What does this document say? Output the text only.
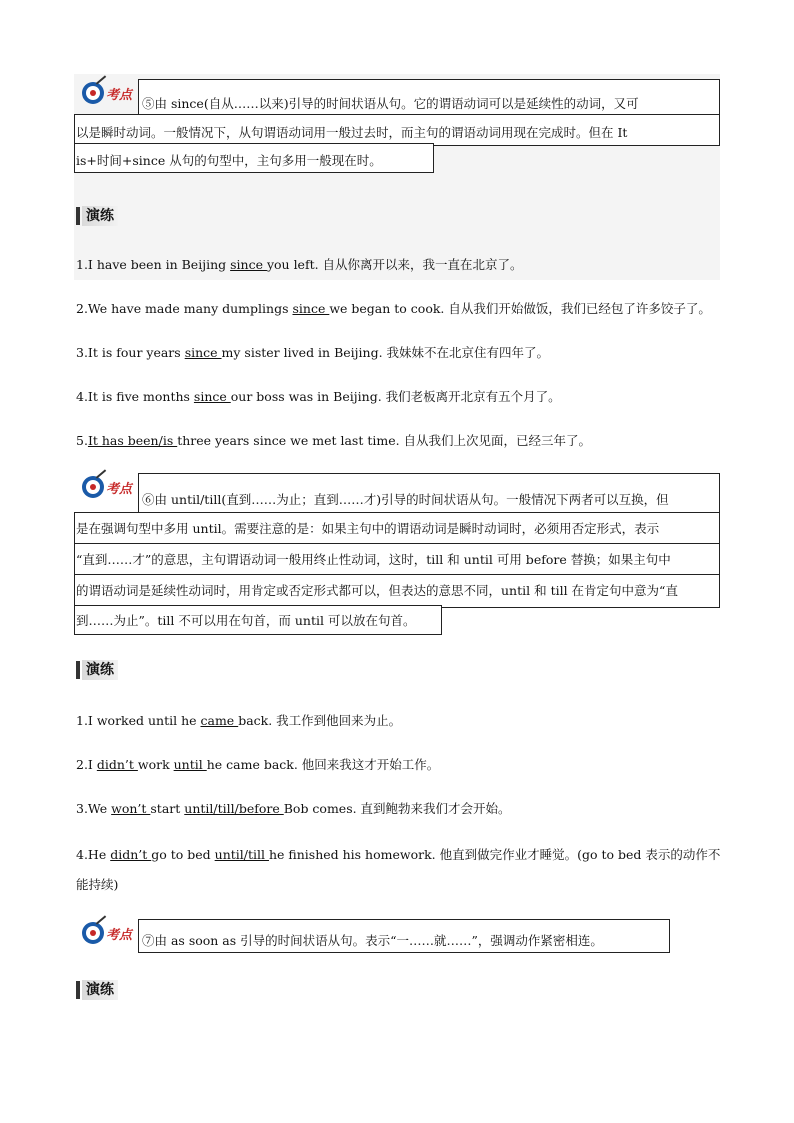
考点
⑤由 since(自从……以来)引导的时间状语从句。它的谓语动词可以是延续性的动词，又可
以是瞬时动词。一般情况下，从句谓语动词用一般过去时，而主句的谓语动词用现在完成时。但在 It
is+时间+since 从句的句型中，主句多用一般现在时。
演练
1.I have been in Beijing since you left. 自从你离开以来，我一直在北京了。
2.We have made many dumplings since we began to cook. 自从我们开始做饭，我们已经包了许多饺子了。
3.It is four years since my sister lived in Beijing. 我妹妹不在北京住有四年了。
4.It is five months since our boss was in Beijing. 我们老板离开北京有五个月了。
5.It has been/is three years since we met last time. 自从我们上次见面，已经三年了。
考点
⑥由 until/till(直到……为止；直到……才)引导的时间状语从句。一般情况下两者可以互换，但
是在强调句型中多用 until。需要注意的是：如果主句中的谓语动词是瞬时动词时，必须用否定形式，表示
“直到……才”的意思，主句谓语动词一般用终止性动词，这时，till 和 until 可用 before 替换；如果主句中
的谓语动词是延续性动词时，用肯定或否定形式都可以，但表达的意思不同，until 和 till 在肯定句中意为“直
到……为止”。till 不可以用在句首，而 until 可以放在句首。
演练
1.I worked until he came back. 我工作到他回来为止。
2.I didn’t work until he came back. 他回来我这才开始工作。
3.We won’t start until/till/before Bob comes. 直到鲍勃来我们才会开始。
4.He didn’t go to bed until/till he finished his homework. 他直到做完作业才睡觉。(go to bed 表示的动作不
能持续)
考点 ⑦由 as soon as 引导的时间状语从句。表示“一……就……”，强调动作紧密相连。
演练
